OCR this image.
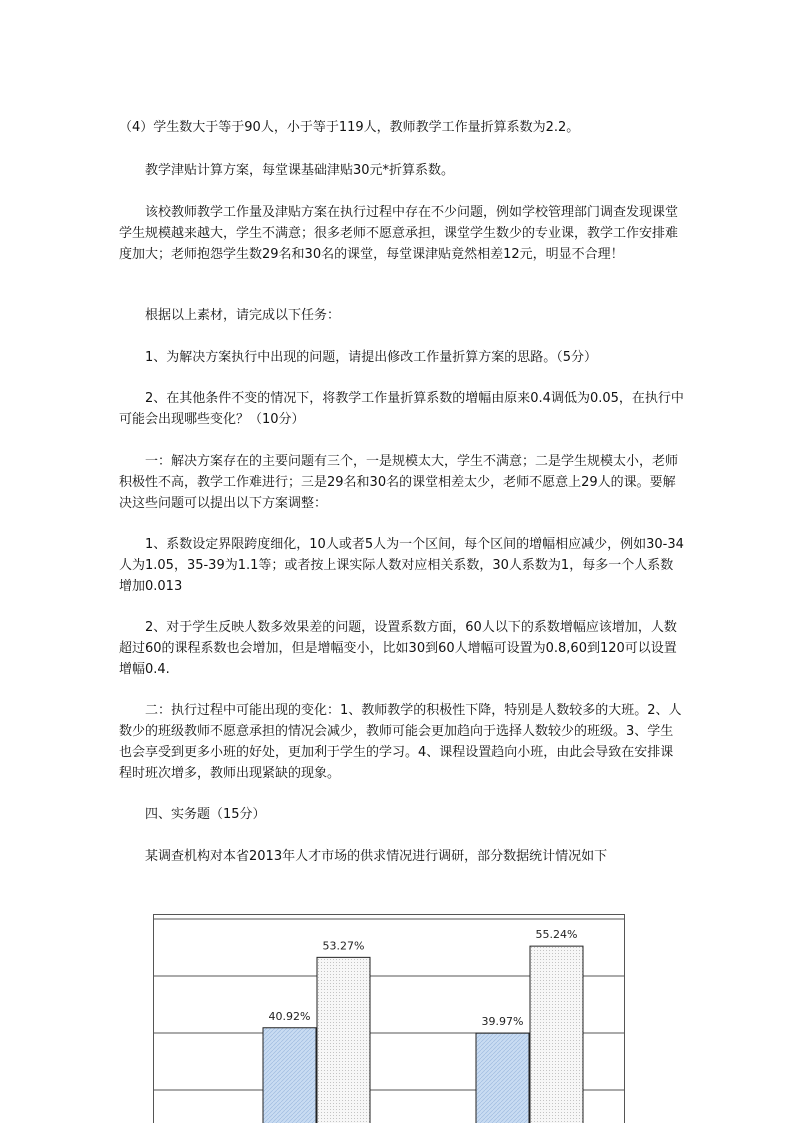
（4）学生数大于等于90人，小于等于119人，教师教学工作量折算系数为2.2。

教学津贴计算方案，每堂课基础津贴30元*折算系数。

该校教师教学工作量及津贴方案在执行过程中存在不少问题，例如学校管理部门调查发现课堂学生规模越来越大，学生不满意；很多老师不愿意承担，课堂学生数少的专业课，教学工作安排难度加大；老师抱怨学生数29名和30名的课堂，每堂课津贴竟然相差12元，明显不合理！

根据以上素材，请完成以下任务：

1、为解决方案执行中出现的问题，请提出修改工作量折算方案的思路。（5分）

2、在其他条件不变的情况下，将教学工作量折算系数的增幅由原来0.4调低为0.05，在执行中可能会出现哪些变化？（10分）

一：解决方案存在的主要问题有三个，一是规模太大，学生不满意；二是学生规模太小，老师积极性不高，教学工作难进行；三是29名和30名的课堂相差太少，老师不愿意上29人的课。要解决这些问题可以提出以下方案调整：

1、系数设定界限跨度细化，10人或者5人为一个区间，每个区间的增幅相应减少，例如30-34人为1.05，35-39为1.1等；或者按上课实际人数对应相关系数，30人系数为1，每多一个人系数增加0.013

2、对于学生反映人数多效果差的问题，设置系数方面，60人以下的系数增幅应该增加，人数超过60的课程系数也会增加，但是增幅变小，比如30到60人增幅可设置为0.8,60到120可以设置增幅0.4.

二：执行过程中可能出现的变化：1、教师教学的积极性下降，特别是人数较多的大班。2、人数少的班级教师不愿意承担的情况会减少，教师可能会更加趋向于选择人数较少的班级。3、学生也会享受到更多小班的好处，更加利于学生的学习。4、课程设置趋向小班，由此会导致在安排课程时班次增多，教师出现紧缺的现象。

四、实务题（15分）

某调查机构对本省2013年人才市场的供求情况进行调研，部分数据统计情况如下

40.92%	39.97%
53.27%
55.24%
